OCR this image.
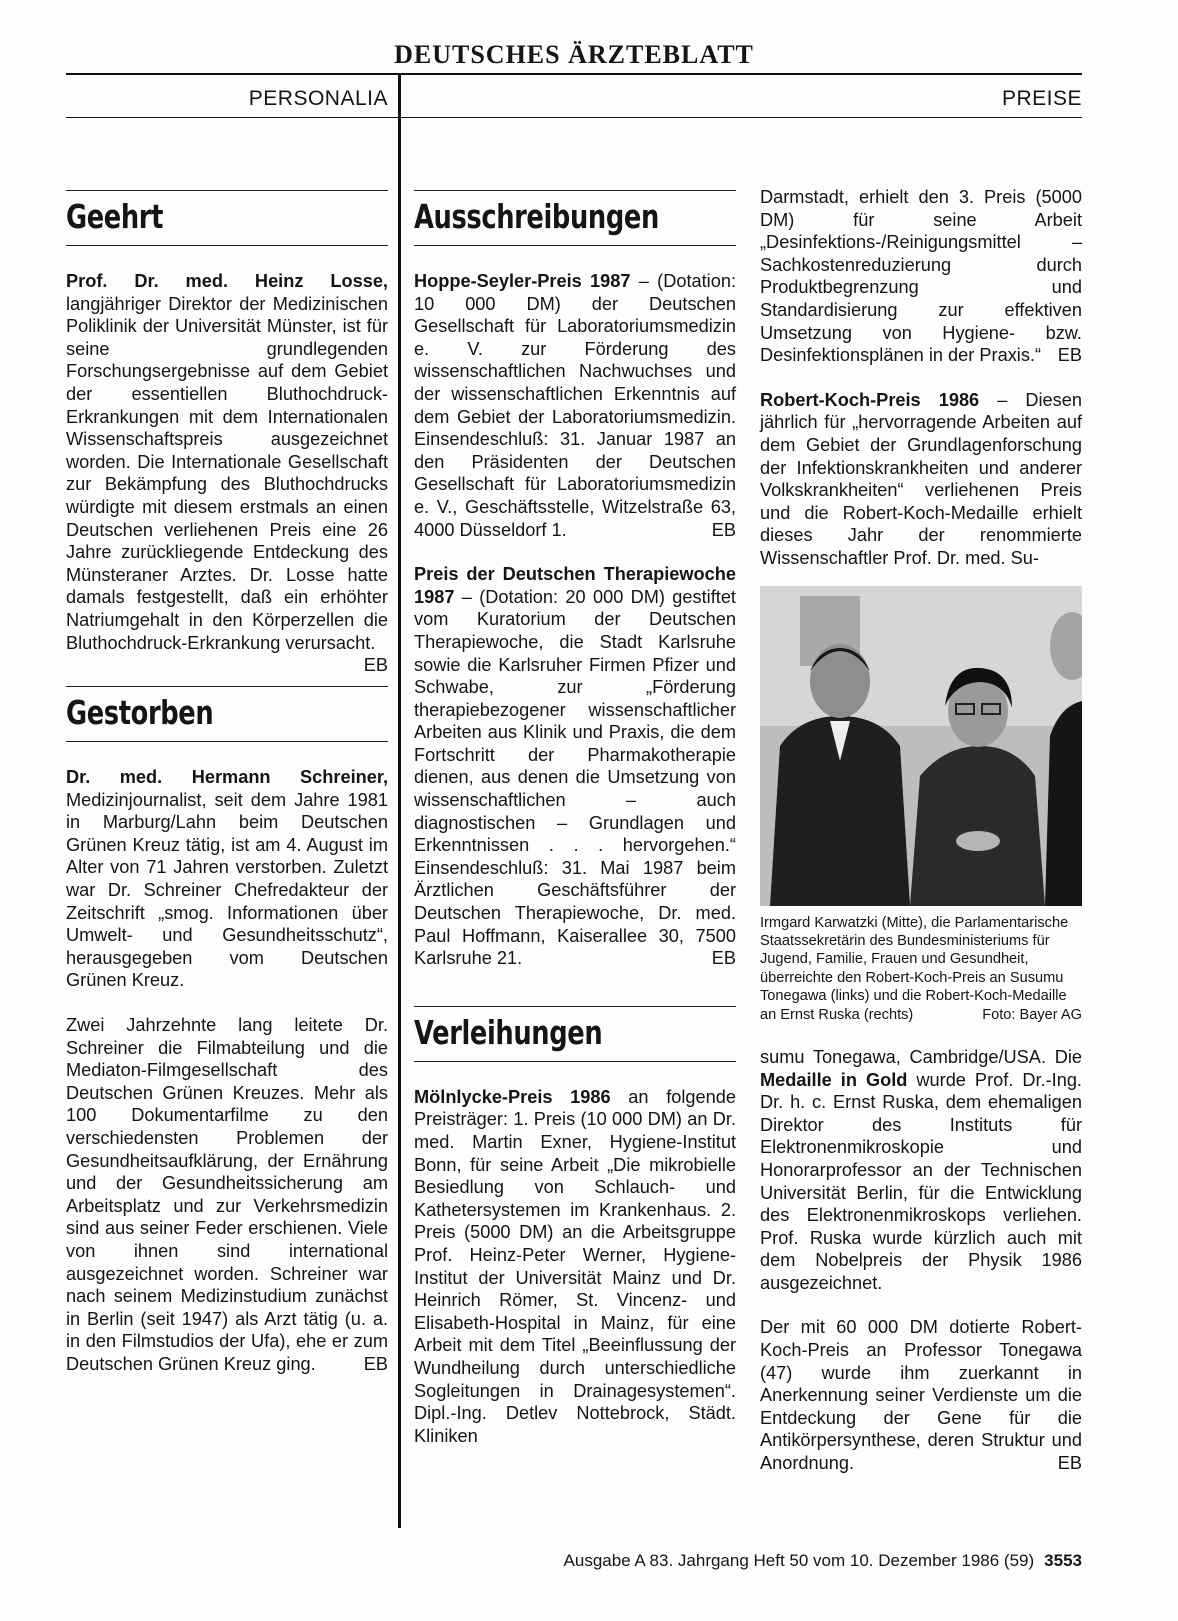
DEUTSCHES ÄRZTEBLATT
PERSONALIA	PREISE
Geehrt

Prof. Dr. med. Heinz Losse, langjähriger Direktor der Medizinischen Poliklinik der Universität Münster, ist für seine grundlegenden Forschungsergebnisse auf dem Gebiet der essentiellen Bluthochdruck-Erkrankungen mit dem Internationalen Wissenschaftspreis ausgezeichnet worden. Die Internationale Gesellschaft zur Bekämpfung des Bluthochdrucks würdigte mit diesem erstmals an einen Deutschen verliehenen Preis eine 26 Jahre zurückliegende Entdeckung des Münsteraner Arztes. Dr. Losse hatte damals festgestellt, daß ein erhöhter Natriumgehalt in den Körperzellen die Bluthochdruck-Erkrankung verursacht.
EB

Gestorben

Dr. med. Hermann Schreiner, Medizinjournalist, seit dem Jahre 1981 in Marburg/Lahn beim Deutschen Grünen Kreuz tätig, ist am 4. August im Alter von 71 Jahren verstorben. Zuletzt war Dr. Schreiner Chefredakteur der Zeitschrift „smog. Informationen über Umwelt- und Gesundheitsschutz“, herausgegeben vom Deutschen Grünen Kreuz.

Zwei Jahrzehnte lang leitete Dr. Schreiner die Filmabteilung und die Mediaton-Filmgesellschaft des Deutschen Grünen Kreuzes. Mehr als 100 Dokumentarfilme zu den verschiedensten Problemen der Gesundheitsaufklärung, der Ernährung und der Gesundheitssicherung am Arbeitsplatz und zur Verkehrsmedizin sind aus seiner Feder erschienen. Viele von ihnen sind international ausgezeichnet worden. Schreiner war nach seinem Medizinstudium zunächst in Berlin (seit 1947) als Arzt tätig (u. a. in den Filmstudios der Ufa), ehe er zum Deutschen Grünen Kreuz ging.	EB

Ausschreibungen

Hoppe-Seyler-Preis 1987 – (Dotation: 10 000 DM) der Deutschen Gesellschaft für Laboratoriumsmedizin e. V. zur Förderung des wissenschaftlichen Nachwuchses und der wissenschaftlichen Erkenntnis auf dem Gebiet der Laboratoriumsmedizin. Einsendeschluß: 31. Januar 1987 an den Präsidenten der Deutschen Gesellschaft für Laboratoriumsmedizin e. V., Geschäftsstelle, Witzelstraße 63, 4000 Düsseldorf 1.	EB

Preis der Deutschen Therapiewoche 1987 – (Dotation: 20 000 DM) gestiftet vom Kuratorium der Deutschen Therapiewoche, die Stadt Karlsruhe sowie die Karlsruher Firmen Pfizer und Schwabe, zur „Förderung therapiebezogener wissenschaftlicher Arbeiten aus Klinik und Praxis, die dem Fortschritt der Pharmakotherapie dienen, aus denen die Umsetzung von wissenschaftlichen – auch diagnostischen – Grundlagen und Erkenntnissen . . . hervorgehen.“ Einsendeschluß: 31. Mai 1987 beim Ärztlichen Geschäftsführer der Deutschen Therapiewoche, Dr. med. Paul Hoffmann, Kaiserallee 30, 7500 Karlsruhe 21.	EB

Verleihungen

Mölnlycke-Preis 1986 an folgende Preisträger: 1. Preis (10 000 DM) an Dr. med. Martin Exner, Hygiene-Institut Bonn, für seine Arbeit „Die mikrobielle Besiedlung von Schlauch- und Kathetersystemen im Krankenhaus. 2. Preis (5000 DM) an die Arbeitsgruppe Prof. Heinz-Peter Werner, Hygiene-Institut der Universität Mainz und Dr. Heinrich Römer, St. Vincenz- und Elisabeth-Hospital in Mainz, für eine Arbeit mit dem Titel „Beeinflussung der Wundheilung durch unterschiedliche Sogleitungen in Drainagesystemen“. Dipl.-Ing. Detlev Nottebrock, Städt. Kliniken

Darmstadt, erhielt den 3. Preis (5000 DM) für seine Arbeit „Desinfektions-/Reinigungsmittel – Sachkostenreduzierung durch Produktbegrenzung und Standardisierung zur effektiven Umsetzung von Hygiene- bzw. Desinfektionsplänen in der Praxis.“ EB

Robert-Koch-Preis 1986 – Diesen jährlich für „hervorragende Arbeiten auf dem Gebiet der Grundlagenforschung der Infektionskrankheiten und anderer Volkskrankheiten“ verliehenen Preis und die Robert-Koch-Medaille erhielt dieses Jahr der renommierte Wissenschaftler Prof. Dr. med. Su-

Irmgard Karwatzki (Mitte), die Parlamentarische Staatssekretärin des Bundesministeriums für Jugend, Familie, Frauen und Gesundheit, überreichte den Robert-Koch-Preis an Susumu Tonegawa (links) und die Robert-Koch-Medaille an Ernst Ruska (rechts)	Foto: Bayer AG

sumu Tonegawa, Cambridge/USA. Die Medaille in Gold wurde Prof. Dr.-Ing. Dr. h. c. Ernst Ruska, dem ehemaligen Direktor des Instituts für Elektronenmikroskopie und Honorarprofessor an der Technischen Universität Berlin, für die Entwicklung des Elektronenmikroskops verliehen. Prof. Ruska wurde kürzlich auch mit dem Nobelpreis der Physik 1986 ausgezeichnet.

Der mit 60 000 DM dotierte Robert-Koch-Preis an Professor Tonegawa (47) wurde ihm zuerkannt in Anerkennung seiner Verdienste um die Entdeckung der Gene für die Antikörpersynthese, deren Struktur und Anordnung.	EB

Ausgabe A 83. Jahrgang Heft 50 vom 10. Dezember 1986 (59) 3553
